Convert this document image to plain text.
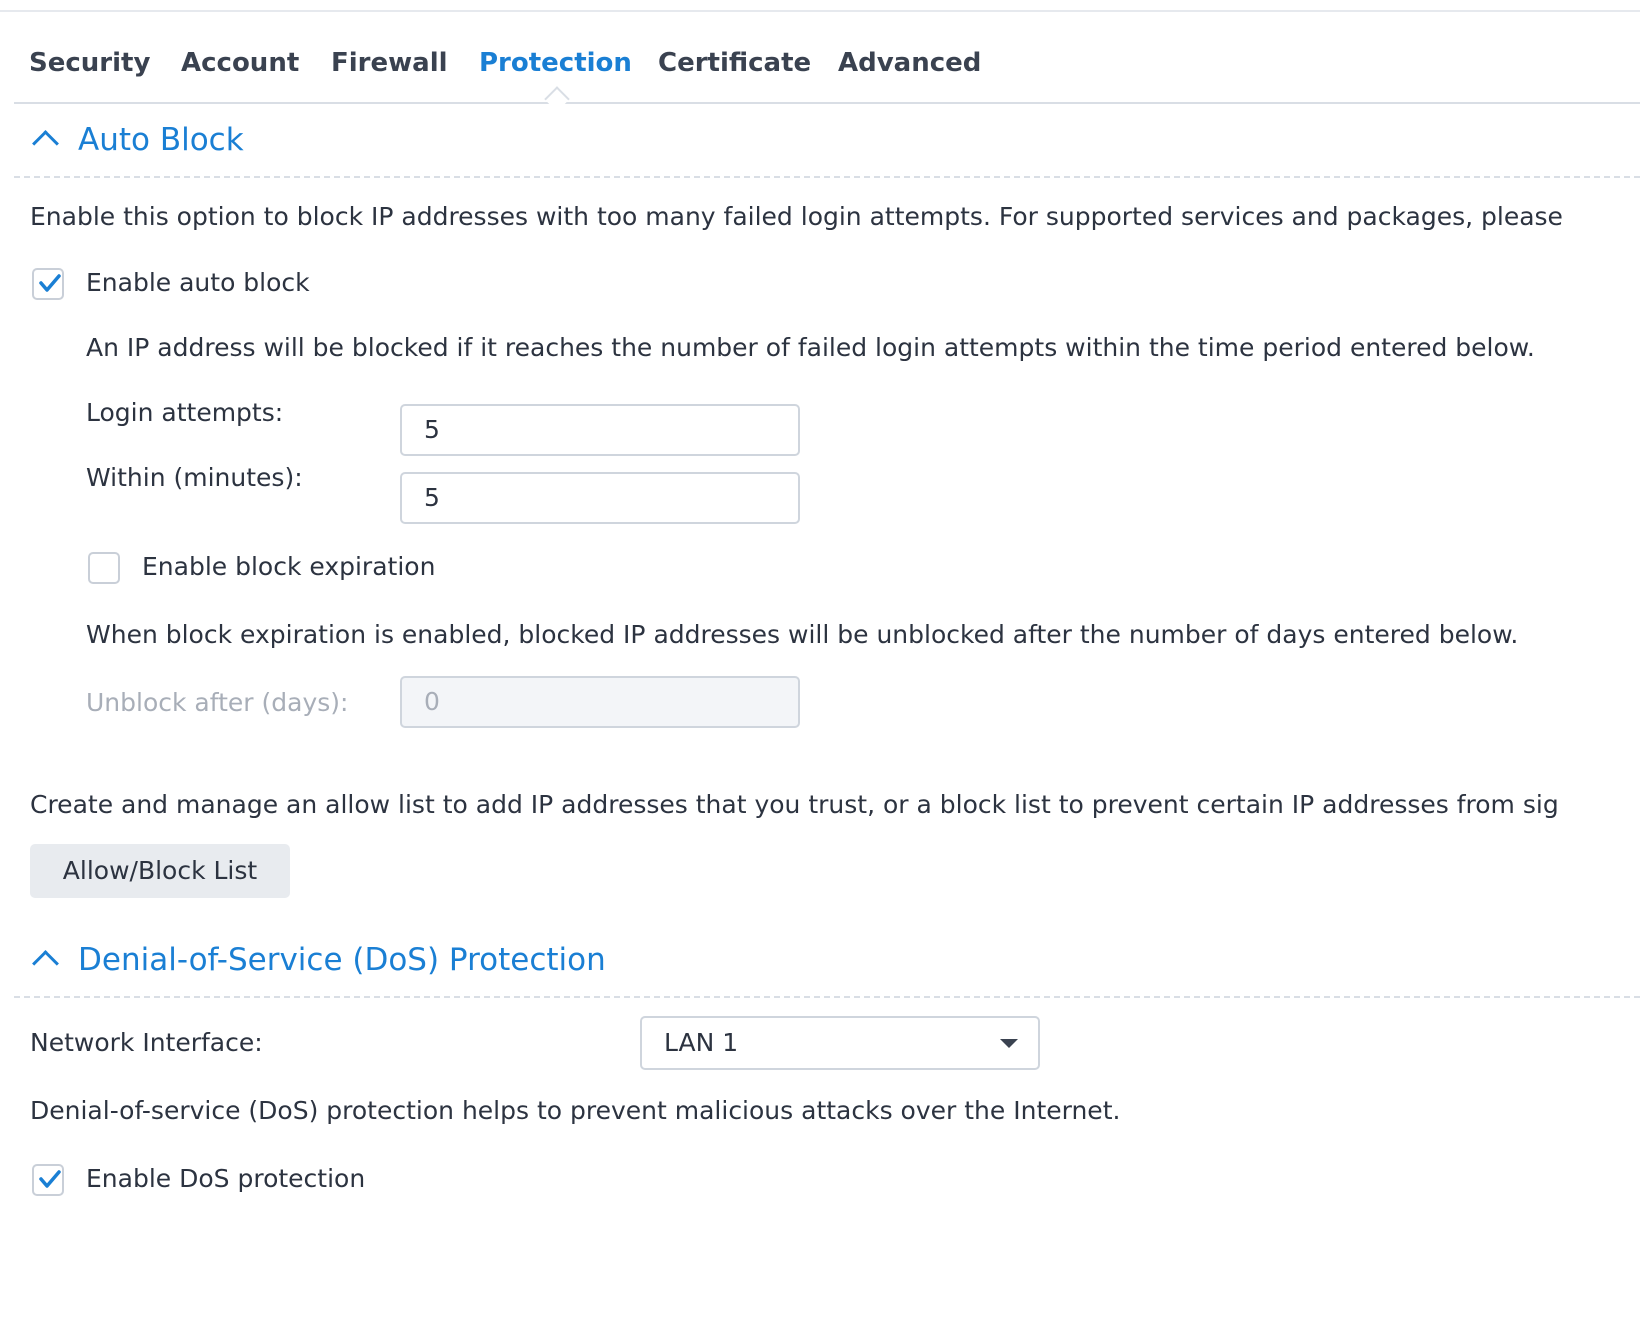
Security Account Firewall Protection Certificate Advanced
Auto Block
Enable this option to block IP addresses with too many failed login attempts. For supported services and packages, please
Enable auto block
An IP address will be blocked if it reaches the number of failed login attempts within the time period entered below.
Login attempts:
5
Within (minutes):
5
Enable block expiration
When block expiration is enabled, blocked IP addresses will be unblocked after the number of days entered below.
Unblock after (days):	0
Create and manage an allow list to add IP addresses that you trust, or a block list to prevent certain IP addresses from sig
Allow/Block List
Denial-of-Service (DoS) Protection
Network Interface:	LAN 1
Denial-of-service (DoS) protection helps to prevent malicious attacks over the Internet.
Enable DoS protection
